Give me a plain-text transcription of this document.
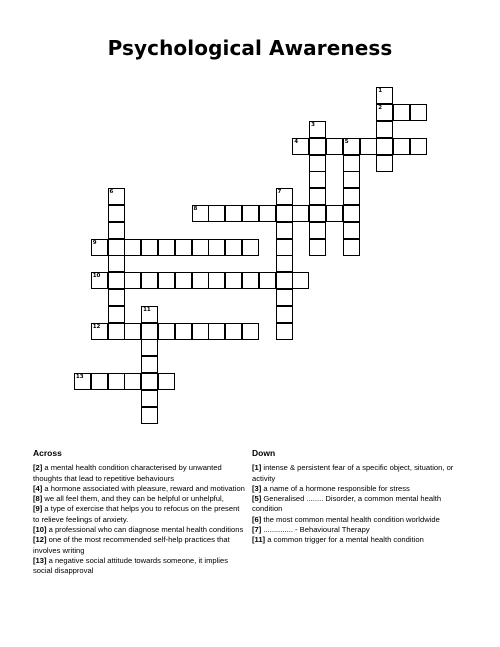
Psychological Awareness
1
2
3
4	5
6	7
8
9
10
11
12
13
Across

[2] a mental health condition characterised by unwanted thoughts that lead to repetitive behaviours

[4] a hormone associated with pleasure, reward and motivation

[8] we all feel them, and they can be helpful or unhelpful,

[9] a type of exercise that helps you to refocus on the present to relieve feelings of anxiety.

[10] a professional who can diagnose mental health conditions

[12] one of the most recommended self-help practices that involves writing

[13] a negative social attitude towards someone, it implies social disapproval

Down

[1] intense & persistent fear of a specific object, situation, or activity

[3] a name of a hormone responsible for stress

[5] Generalised ........ Disorder, a common mental health condition

[6] the most common mental health condition worldwide

[7] .............. - Behavioural Therapy

[11] a common trigger for a mental health condition
